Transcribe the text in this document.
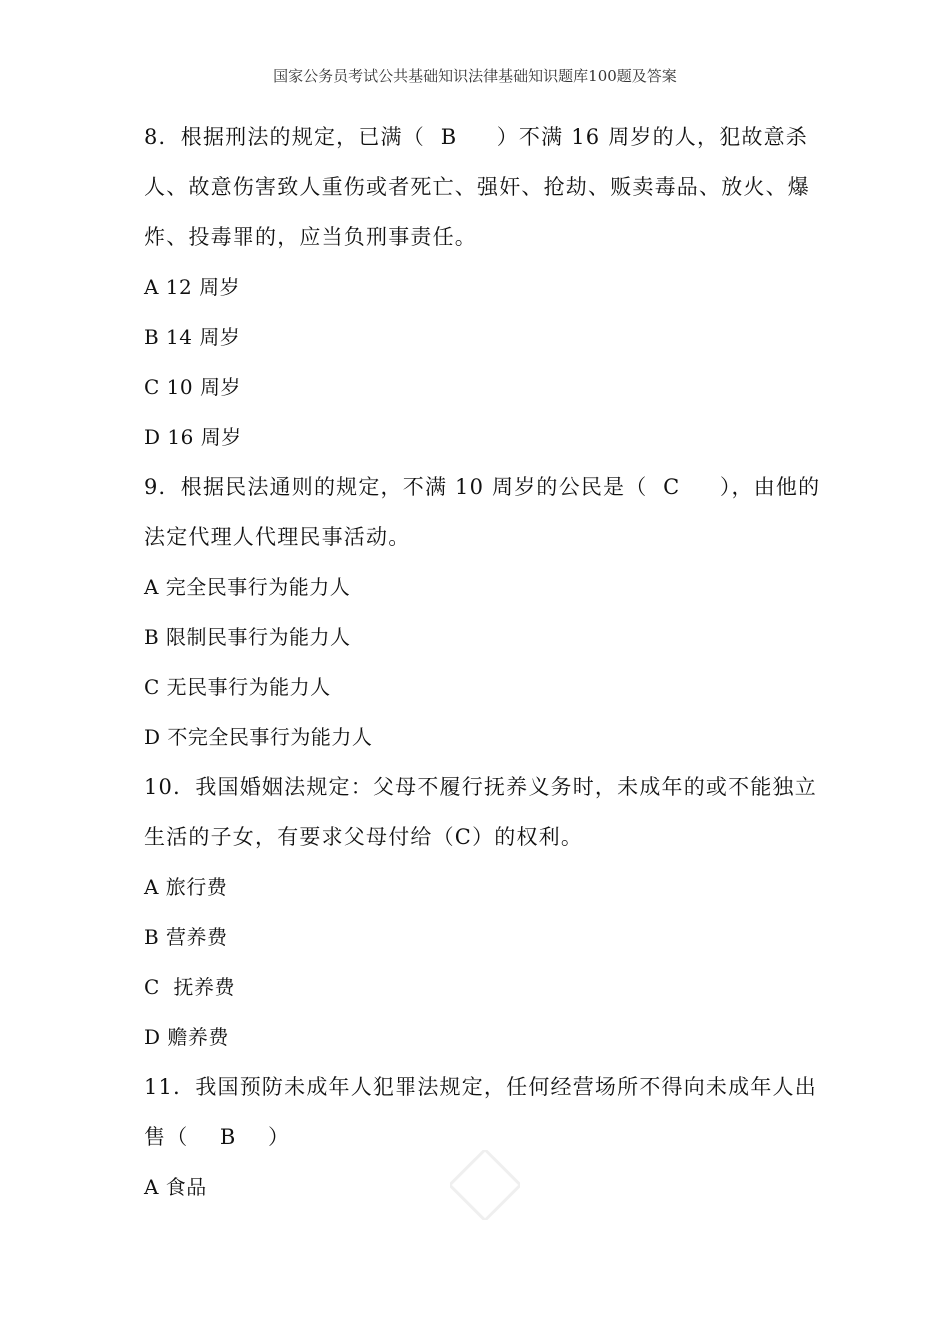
国家公务员考试公共基础知识法律基础知识题库100题及答案
8．根据刑法的规定，已满（  B     ）不满 16 周岁的人，犯故意杀
人、故意伤害致人重伤或者死亡、强奸、抢劫、贩卖毒品、放火、爆
炸、投毒罪的，应当负刑事责任。
A 12 周岁
B 14 周岁
C 10 周岁
D 16 周岁
9．根据民法通则的规定，不满 10 周岁的公民是（  C     ），由他的
法定代理人代理民事活动。
A 完全民事行为能力人
B 限制民事行为能力人
C 无民事行为能力人
D 不完全民事行为能力人
10．我国婚姻法规定：父母不履行抚养义务时，未成年的或不能独立
生活的子女，有要求父母付给（C）的权利。
A 旅行费
B 营养费
C  抚养费
D 赡养费
11．我国预防未成年人犯罪法规定，任何经营场所不得向未成年人出
售（    B    ）
A 食品
